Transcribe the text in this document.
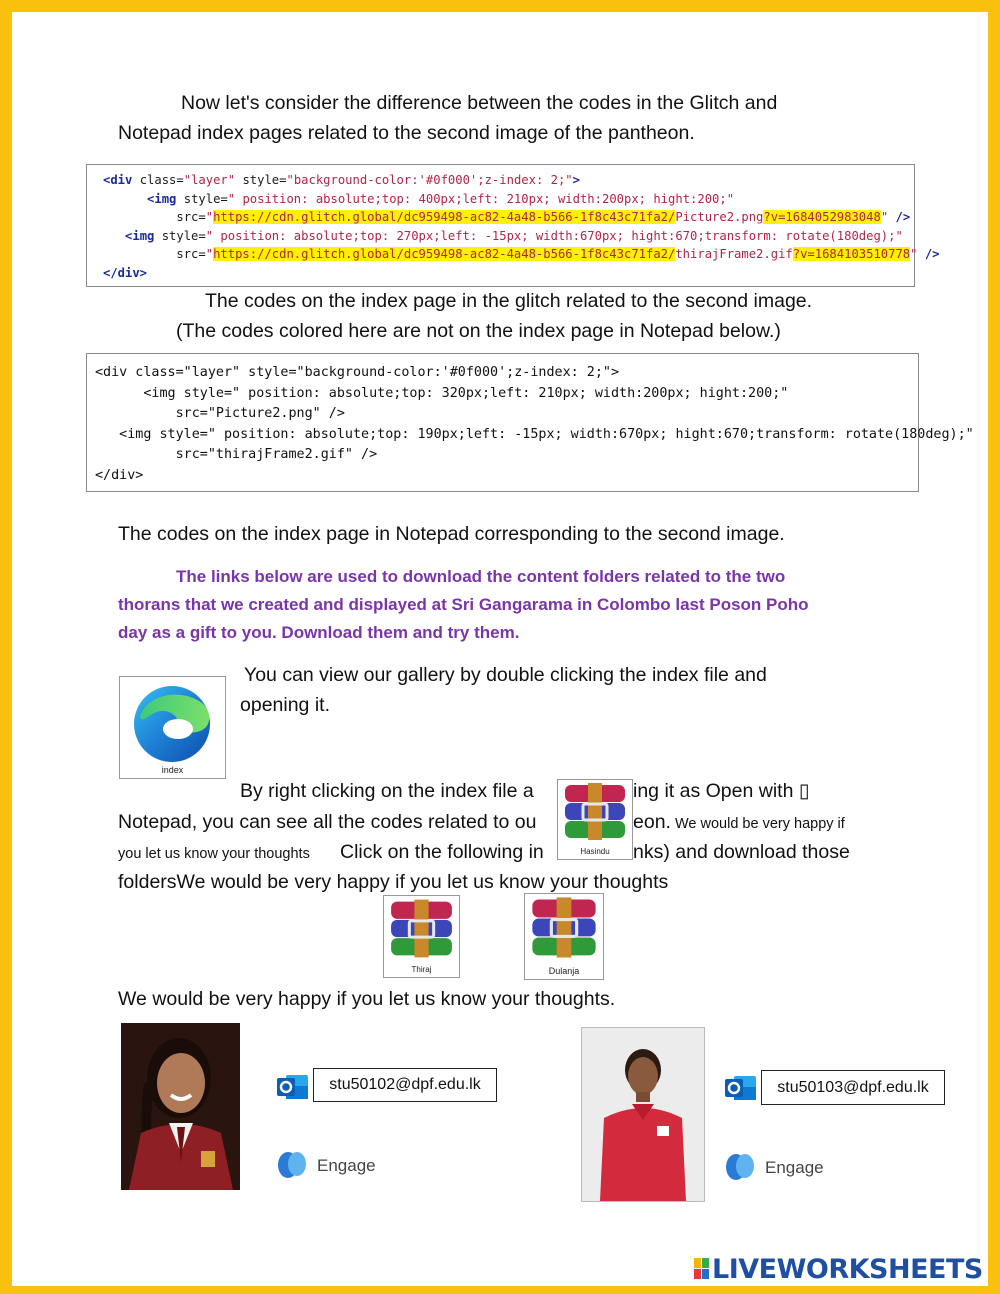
Now let's consider the difference between the codes in the Glitch and
Notepad index pages related to the second image of the pantheon.
<div class="layer" style="background-color:'#0f000';z-index: 2;">
<img style=" position: absolute;top: 400px;left: 210px; width:200px; hight:200;"
src="https://cdn.glitch.global/dc959498-ac82-4a48-b566-1f8c43c71fa2/Picture2.png?v=1684052983048" />
<img style=" position: absolute;top: 270px;left: -15px; width:670px; hight:670;transform: rotate(180deg);"
src="https://cdn.glitch.global/dc959498-ac82-4a48-b566-1f8c43c71fa2/thirajFrame2.gif?v=1684103510778" />
</div>
The codes on the index page in the glitch related to the second image.
(The codes colored here are not on the index page in Notepad below.)
<div class="layer" style="background-color:'#0f000';z-index: 2;">
<img style=" position: absolute;top: 320px;left: 210px; width:200px; hight:200;"
src="Picture2.png" />
<img style=" position: absolute;top: 190px;left: -15px; width:670px; hight:670;transform: rotate(180deg);"
src="thirajFrame2.gif" />
</div>
The codes on the index page in Notepad corresponding to the second image.
The links below are used to download the content folders related to the two
thorans that we created and displayed at Sri Gangarama in Colombo last Poson Poho
day as a gift to you. Download them and try them.
index
You can view our gallery by double clicking the index file and
opening it.
By right clicking on the index file a	ing it as Open with ▯
Notepad, you can see all the codes related to ou	eon. We would be very happy if
you let us know your thoughts Click on the following in	nks) and download those
foldersWe would be very happy if you let us know your thoughts
Hasindu
Thiraj	Dulanja
We would be very happy if you let us know your thoughts.
stu50102@dpf.edu.lk
Engage
stu50103@dpf.edu.lk
Engage
LIVEWORKSHEETS
